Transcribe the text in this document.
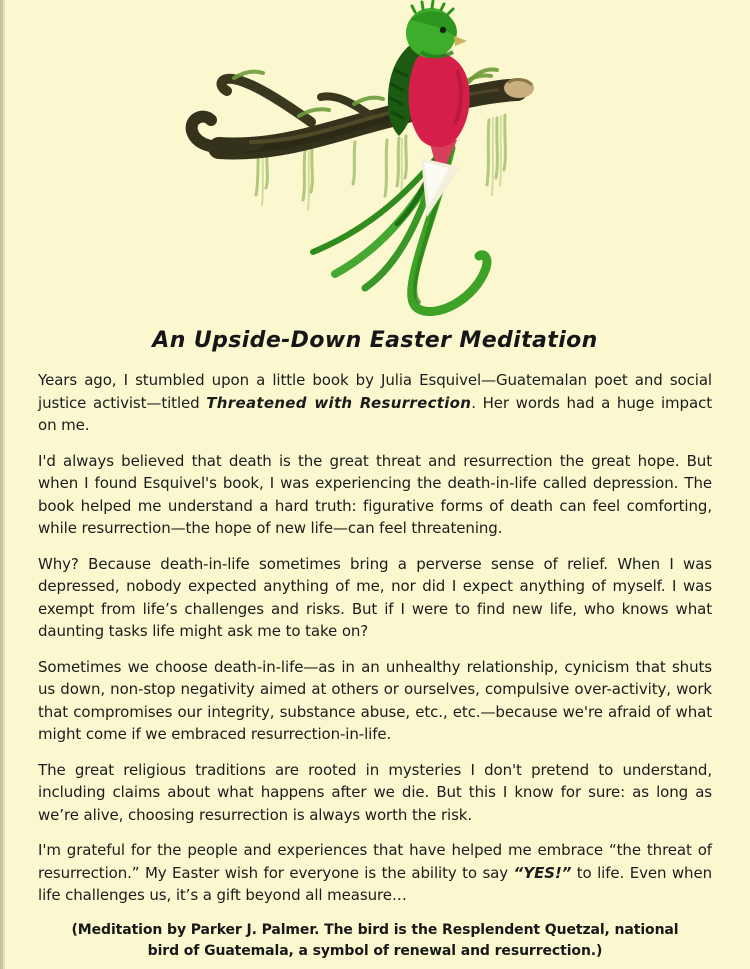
An Upside-Down Easter Meditation

Years ago, I stumbled upon a little book by Julia Esquivel—Guatemalan poet and social justice activist—titled Threatened with Resurrection. Her words had a huge impact on me.

I'd always believed that death is the great threat and resurrection the great hope. But when I found Esquivel's book, I was experiencing the death-in-life called depression. The book helped me understand a hard truth: figurative forms of death can feel comforting, while resurrection—the hope of new life—can feel threatening.

Why? Because death-in-life sometimes bring a perverse sense of relief. When I was depressed, nobody expected anything of me, nor did I expect anything of myself. I was exempt from life’s challenges and risks. But if I were to find new life, who knows what daunting tasks life might ask me to take on?

Sometimes we choose death-in-life—as in an unhealthy relationship, cynicism that shuts us down, non-stop negativity aimed at others or ourselves, compulsive over-activity, work that compromises our integrity, substance abuse, etc., etc.—because we're afraid of what might come if we embraced resurrection-in-life.

The great religious traditions are rooted in mysteries I don't pretend to understand, including claims about what happens after we die. But this I know for sure: as long as we’re alive, choosing resurrection is always worth the risk.

I'm grateful for the people and experiences that have helped me embrace “the threat of resurrection.” My Easter wish for everyone is the ability to say “YES!” to life. Even when life challenges us, it’s a gift beyond all measure…

(Meditation by Parker J. Palmer. The bird is the Resplendent Quetzal, national bird of Guatemala, a symbol of renewal and resurrection.)
